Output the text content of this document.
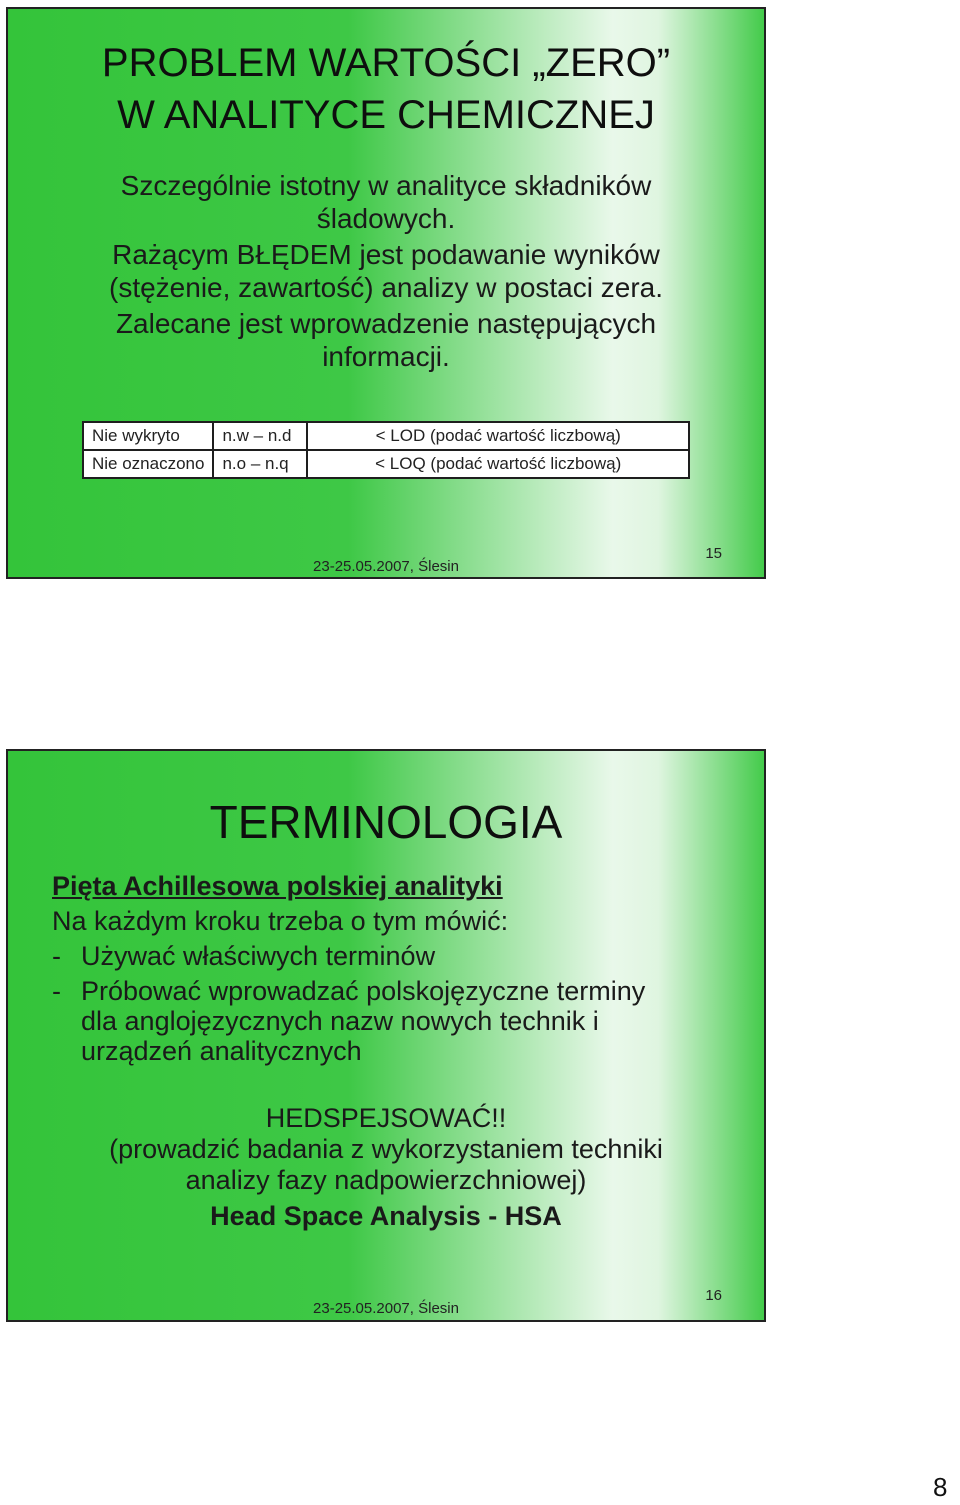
PROBLEM WARTOŚCI „ZERO”
W ANALITYCE CHEMICZNEJ
Szczególnie istotny w analityce składników
śladowych.
Rażącym BŁĘDEM jest podawanie wyników
(stężenie, zawartość) analizy w postaci zera.
Zalecane jest wprowadzenie następujących
informacji.
Nie wykryto	n.w – n.d	< LOD (podać wartość liczbową)
Nie oznaczono	n.o – n.q	< LOQ (podać wartość liczbową)
23-25.05.2007, Ślesin
15
TERMINOLOGIA
Pięta Achillesowa polskiej analityki
Na każdym kroku trzeba o tym mówić:
- Używać właściwych terminów
- Próbować wprowadzać polskojęzyczne terminy
dla anglojęzycznych nazw nowych technik i
urządzeń analitycznych
HEDSPEJSOWAĆ!!
(prowadzić badania z wykorzystaniem techniki
analizy fazy nadpowierzchniowej)
Head Space Analysis - HSA
23-25.05.2007, Ślesin
16
8
